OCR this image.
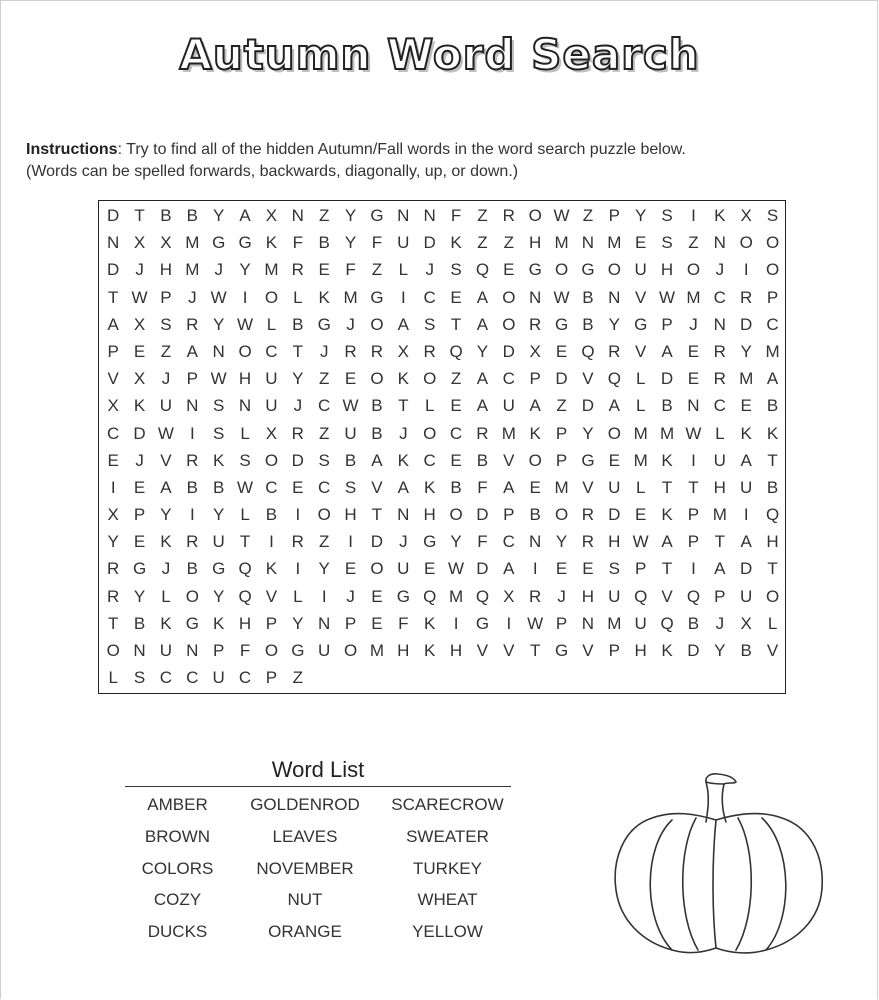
Autumn Word Search
Instructions: Try to find all of the hidden Autumn/Fall words in the word search puzzle below.
(Words can be spelled forwards, backwards, diagonally, up, or down.)
D T B B Y A X N Z Y G N N F Z R O W Z P Y S	I	K X S
N X X M G G K F B Y F U D K Z Z H M N M E S Z N O O
D J H M J Y M R E F Z L	J S Q E G O G O U H O J	I	O
T W P J W I	O L K M G	I	C E A O N W B N V W M C R P
A X S R Y W L B G J O A S T A O R G B Y G P J N D C
P E Z A N O C T J R R X R Q Y D X E Q R V A E R Y M
V X J P W H U Y Z E O K O Z A C P D V Q L D E R M A
X K U N S N U J C W B T L E A U A Z D A L B N C E B
C D W I	S L X R Z U B J O C R M K P Y O M M W L K K
E J V R K S O D S B A K C E B V O P G E M K	I	U A T
I	E A B B W C E C S V A K B F A E M V U L T T H U B
X P Y	I	Y L B	I	O H T N H O D P B O R D E K P M I	Q
Y E K R U T	I	R Z	I	D J G Y F C N Y R H W A P T A H
R G J B G Q K	I	Y E O U E W D A	I	E E S P T	I	A D T
R Y L O Y Q V L	I	J E G Q M Q X R J H U Q V Q P U O
T B K G K H P Y N P E F K	I	G	I W P N M U Q B J X L
O N U N P F O G U O M H K H V V T G V P H K D Y B V
L S C C U C P Z
Word List
AMBER	GOLDENROD	SCARECROW
BROWN	LEAVES	SWEATER
COLORS	NOVEMBER	TURKEY
COZY	NUT	WHEAT
DUCKS	ORANGE	YELLOW
